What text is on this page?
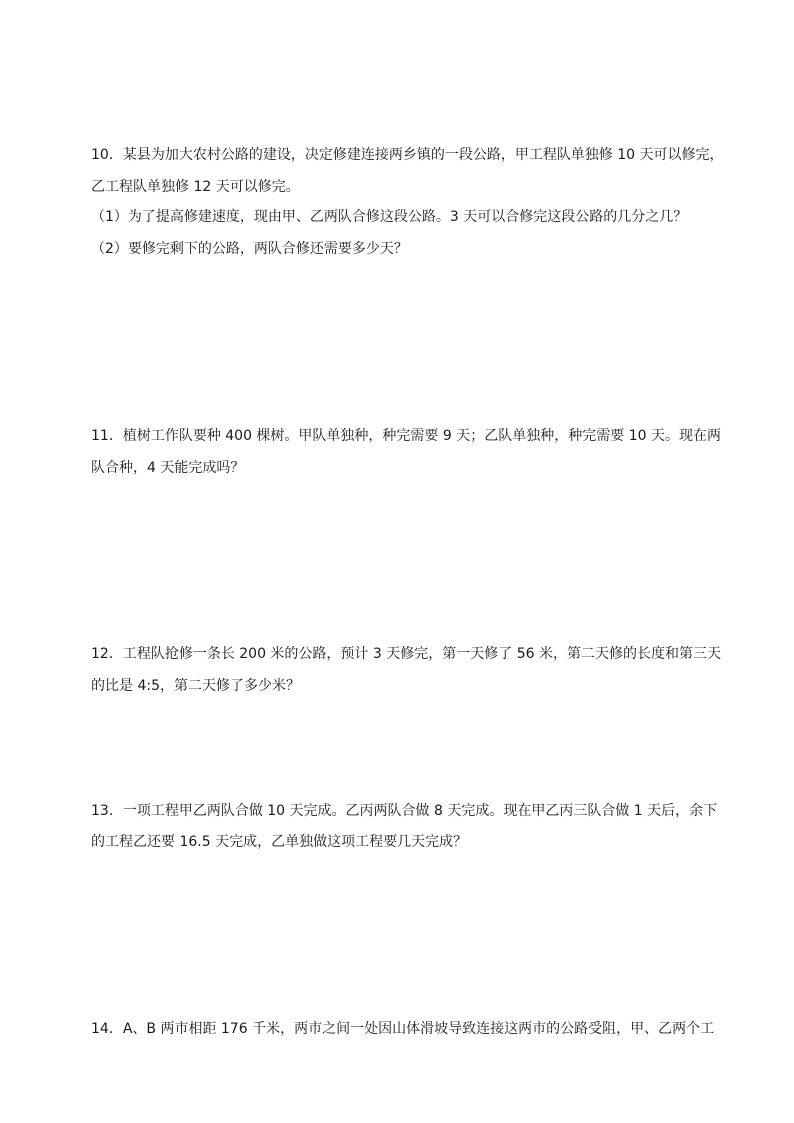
10．某县为加大农村公路的建设，决定修建连接两乡镇的一段公路，甲工程队单独修 10 天可以修完，
乙工程队单独修 12 天可以修完。
（1）为了提高修建速度，现由甲、乙两队合修这段公路。3 天可以合修完这段公路的几分之几？
（2）要修完剩下的公路，两队合修还需要多少天？
11．植树工作队要种 400 棵树。甲队单独种，种完需要 9 天；乙队单独种，种完需要 10 天。现在两
队合种，4 天能完成吗？
12．工程队抢修一条长 200 米的公路，预计 3 天修完，第一天修了 56 米，第二天修的长度和第三天
的比是 4:5，第二天修了多少米？
13．一项工程甲乙两队合做 10 天完成。乙丙两队合做 8 天完成。现在甲乙丙三队合做 1 天后，余下
的工程乙还要 16.5 天完成，乙单独做这项工程要几天完成？
14．A、B 两市相距 176 千米，两市之间一处因山体滑坡导致连接这两市的公路受阻，甲、乙两个工
